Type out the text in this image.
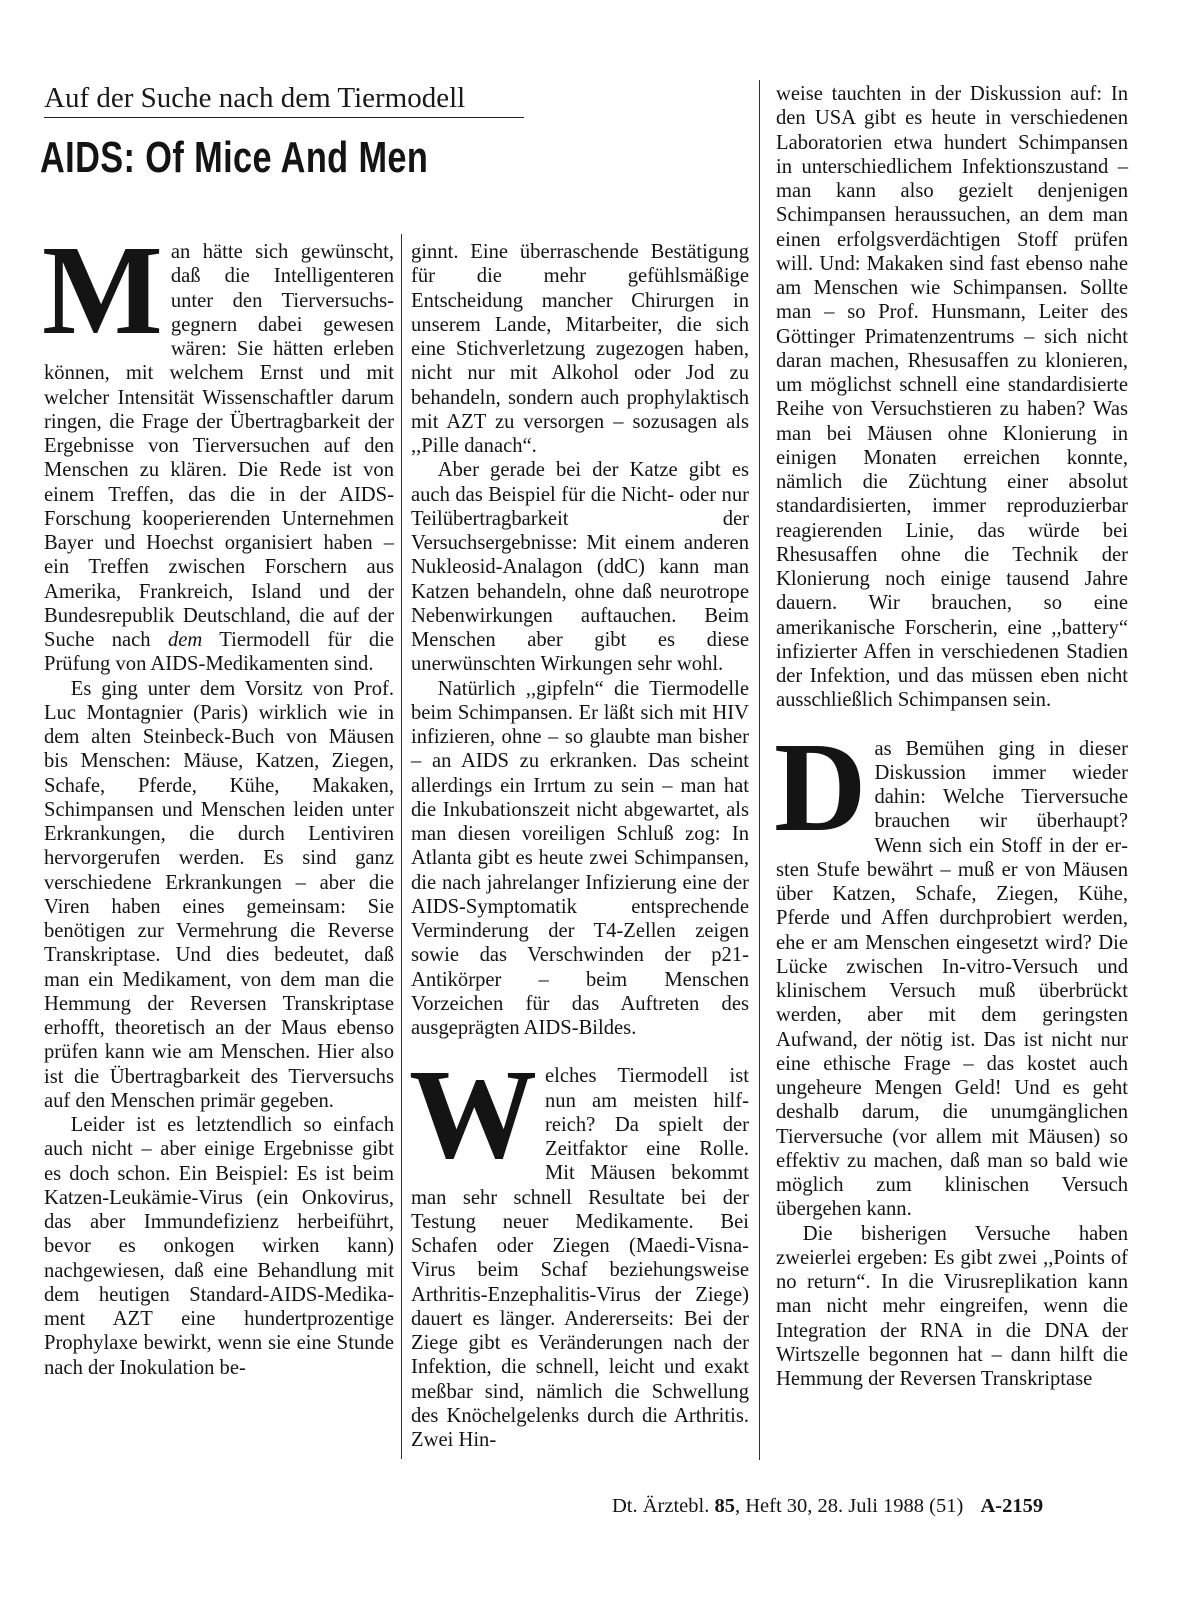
Auf der Suche nach dem Tiermodell
AIDS: Of Mice And Men

Man hätte sich gewünscht, daß die Intelligenteren unter den Tierversuchsgegnern dabei gewesen wären: Sie hätten erleben können, mit welchem Ernst und mit welcher Intensität Wissenschaftler darum ringen, die Frage der Übertragbarkeit der Ergebnisse von Tierversuchen auf den Menschen zu klären. Die Rede ist von einem Treffen, das die in der AIDS-Forschung kooperierenden Unternehmen Bayer und Hoechst organisiert haben – ein Treffen zwischen Forschern aus Amerika, Frankreich, Island und der Bundesrepublik Deutschland, die auf der Suche nach dem Tiermodell für die Prüfung von AIDS-Medikamenten sind.

Es ging unter dem Vorsitz von Prof. Luc Montagnier (Paris) wirklich wie in dem alten Steinbeck-Buch von Mäusen bis Menschen: Mäuse, Katzen, Ziegen, Schafe, Pferde, Kühe, Makaken, Schimpansen und Menschen leiden unter Erkrankungen, die durch Lentiviren hervorgerufen werden. Es sind ganz verschiedene Erkrankungen – aber die Viren haben eines gemeinsam: Sie benötigen zur Vermehrung die Reverse Transkriptase. Und dies bedeutet, daß man ein Medikament, von dem man die Hemmung der Reversen Transkriptase erhofft, theoretisch an der Maus ebenso prüfen kann wie am Menschen. Hier also ist die Übertragbarkeit des Tierversuchs auf den Menschen primär gegeben.

Leider ist es letztendlich so einfach auch nicht – aber einige Ergebnisse gibt es doch schon. Ein Beispiel: Es ist beim Katzen-Leukämie-Virus (ein Onkovirus, das aber Immundefizienz herbeiführt, bevor es onkogen wirken kann) nachgewiesen, daß eine Behandlung mit dem heutigen Standard-AIDS-Medikament AZT eine hundertprozentige Prophylaxe bewirkt, wenn sie eine Stunde nach der Inokulation be-

ginnt. Eine überraschende Bestätigung für die mehr gefühlsmäßige Entscheidung mancher Chirurgen in unserem Lande, Mitarbeiter, die sich eine Stichverletzung zugezogen haben, nicht nur mit Alkohol oder Jod zu behandeln, sondern auch prophylaktisch mit AZT zu versorgen – sozusagen als ,,Pille danach“.

Aber gerade bei der Katze gibt es auch das Beispiel für die Nicht- oder nur Teilübertragbarkeit der Versuchsergebnisse: Mit einem anderen Nukleosid-Analagon (ddC) kann man Katzen behandeln, ohne daß neurotrope Nebenwirkungen auftauchen. Beim Menschen aber gibt es diese unerwünschten Wirkungen sehr wohl.

Natürlich ,,gipfeln“ die Tiermodelle beim Schimpansen. Er läßt sich mit HIV infizieren, ohne – so glaubte man bisher – an AIDS zu erkranken. Das scheint allerdings ein Irrtum zu sein – man hat die Inkubationszeit nicht abgewartet, als man diesen voreiligen Schluß zog: In Atlanta gibt es heute zwei Schimpansen, die nach jahrelanger Infizierung eine der AIDS-Symptomatik entsprechende Verminderung der T4-Zellen zeigen sowie das Verschwinden der p21-Antikörper – beim Menschen Vorzeichen für das Auftreten des ausgeprägten AIDS-Bildes.

Welches Tiermodell ist nun am meisten hilfreich? Da spielt der Zeitfaktor eine Rolle. Mit Mäusen bekommt man sehr schnell Resultate bei der Testung neuer Medikamente. Bei Schafen oder Ziegen (Maedi-Visna-Virus beim Schaf beziehungsweise Arthritis-Enzephalitis-Virus der Ziege) dauert es länger. Andererseits: Bei der Ziege gibt es Veränderungen nach der Infektion, die schnell, leicht und exakt meßbar sind, nämlich die Schwellung des Knöchelgelenks durch die Arthritis. Zwei Hin-

weise tauchten in der Diskussion auf: In den USA gibt es heute in verschiedenen Laboratorien etwa hundert Schimpansen in unterschiedlichem Infektionszustand – man kann also gezielt denjenigen Schimpansen heraussuchen, an dem man einen erfolgsverdächtigen Stoff prüfen will. Und: Makaken sind fast ebenso nahe am Menschen wie Schimpansen. Sollte man – so Prof. Hunsmann, Leiter des Göttinger Primatenzentrums – sich nicht daran machen, Rhesusaffen zu klonieren, um möglichst schnell eine standardisierte Reihe von Versuchstieren zu haben? Was man bei Mäusen ohne Klonierung in einigen Monaten erreichen konnte, nämlich die Züchtung einer absolut standardisierten, immer reproduzierbar reagierenden Linie, das würde bei Rhesusaffen ohne die Technik der Klonierung noch einige tausend Jahre dauern. Wir brauchen, so eine amerikanische Forscherin, eine ,,battery“ infizierter Affen in verschiedenen Stadien der Infektion, und das müssen eben nicht ausschließlich Schimpansen sein.

Das Bemühen ging in dieser Diskussion immer wieder dahin: Welche Tierversuche brauchen wir überhaupt? Wenn sich ein Stoff in der ersten Stufe bewährt – muß er von Mäusen über Katzen, Schafe, Ziegen, Kühe, Pferde und Affen durchprobiert werden, ehe er am Menschen eingesetzt wird? Die Lücke zwischen In-vitro-Versuch und klinischem Versuch muß überbrückt werden, aber mit dem geringsten Aufwand, der nötig ist. Das ist nicht nur eine ethische Frage – das kostet auch ungeheure Mengen Geld! Und es geht deshalb darum, die unumgänglichen Tierversuche (vor allem mit Mäusen) so effektiv zu machen, daß man so bald wie möglich zum klinischen Versuch übergehen kann.

Die bisherigen Versuche haben zweierlei ergeben: Es gibt zwei ,,Points of no return“. In die Virusreplikation kann man nicht mehr eingreifen, wenn die Integration der RNA in die DNA der Wirtszelle begonnen hat – dann hilft die Hemmung der Reversen Transkriptase

Dt. Ärztebl. 85, Heft 30, 28. Juli 1988 (51) A-2159
